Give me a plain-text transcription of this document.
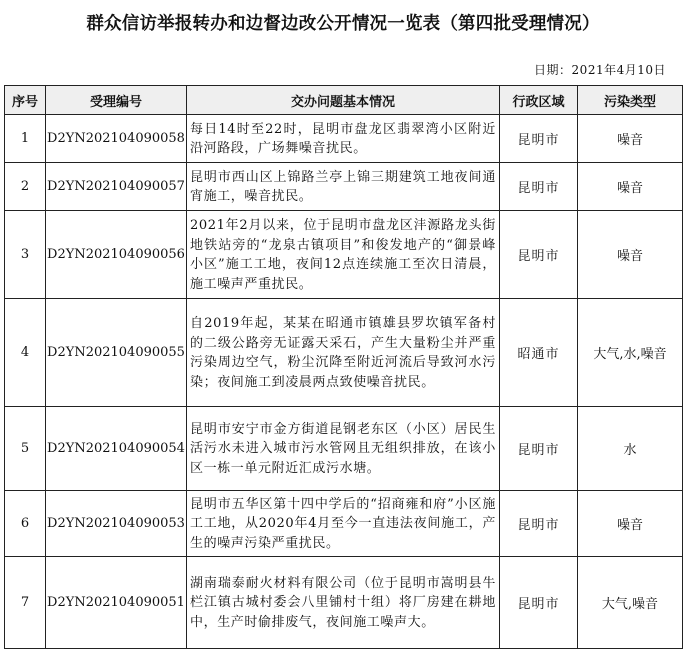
群众信访举报转办和边督边改公开情况一览表（第四批受理情况）
日期：2021年4月10日
序号	受理编号	交办问题基本情况	行政区域	污染类型
1	D2YN202104090058	每日14时至22时，昆明市盘龙区翡翠湾小区附近沿河路段，广场舞噪音扰民。	昆明市	噪音
2	D2YN202104090057	昆明市西山区上锦路兰亭上锦三期建筑工地夜间通宵施工，噪音扰民。	昆明市	噪音
3	D2YN202104090056	2021年2月以来，位于昆明市盘龙区沣源路龙头街地铁站旁的“龙泉古镇项目”和俊发地产的“御景峰小区”施工工地，夜间12点连续施工至次日清晨，施工噪声严重扰民。	昆明市	噪音
4	D2YN202104090055	自2019年起，某某在昭通市镇雄县罗坎镇军备村的二级公路旁无证露天采石，产生大量粉尘并严重污染周边空气，粉尘沉降至附近河流后导致河水污染；夜间施工到凌晨两点致使噪音扰民。	昭通市	大气,水,噪音
5	D2YN202104090054	昆明市安宁市金方街道昆钢老东区（小区）居民生活污水未进入城市污水管网且无组织排放，在该小区一栋一单元附近汇成污水塘。	昆明市	水
6	D2YN202104090053	昆明市五华区第十四中学后的“招商雍和府”小区施工工地，从2020年4月至今一直违法夜间施工，产生的噪声污染严重扰民。	昆明市	噪音
7	D2YN202104090051	湖南瑞泰耐火材料有限公司（位于昆明市嵩明县牛栏江镇古城村委会八里铺村十组）将厂房建在耕地中，生产时偷排废气，夜间施工噪声大。	昆明市	大气,噪音
